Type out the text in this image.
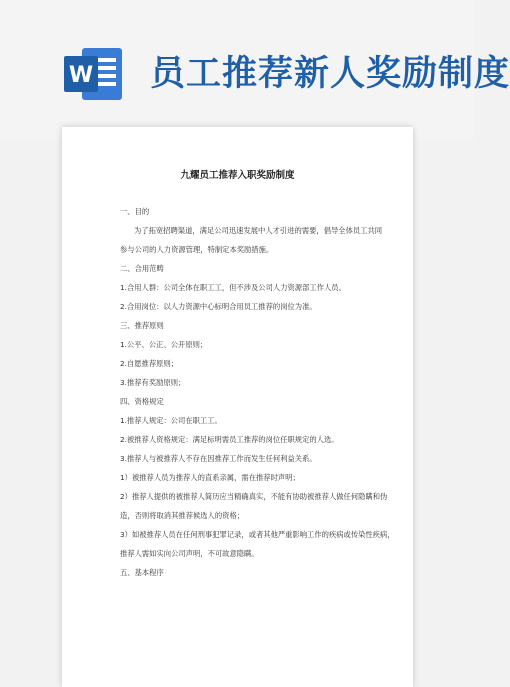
W 员工推荐新人奖励制度
九耀员工推荐入职奖励制度
一、目的
为了拓宽招聘渠道，满足公司迅速发展中人才引进的需要，倡导全体员工共同
参与公司的人力资源管理，特制定本奖励措施。
二、合用范畴
1.合用人群：公司全体在职工工，但不涉及公司人力资源部工作人员。
2.合用岗位：以人力资源中心标明合用员工推荐的岗位为准。
三、推荐原则
1.公平、公正、公开原则；
2.自愿推荐原则；
3.推荐有奖励原则；
四、资格规定
1.推荐人规定：公司在职工工。
2.被推荐人资格规定：满足标明需员工推荐的岗位任职规定的人选。
3.推荐人与被推荐人不存在因推荐工作而发生任何利益关系。
1）被推荐人员为推荐人的直系亲属，需在推荐时声明；
2）推荐人提供的被推荐人简历应当精确真实，不能有协助被推荐人做任何隐瞒和伪
造，否则将取消其推荐候选人的资格；
3）如被推荐人员在任何刑事犯罪记录，或者其他严重影响工作的疾病或传染性疾病，
推荐人需如实向公司声明，不可故意隐瞒。
五、基本程序
